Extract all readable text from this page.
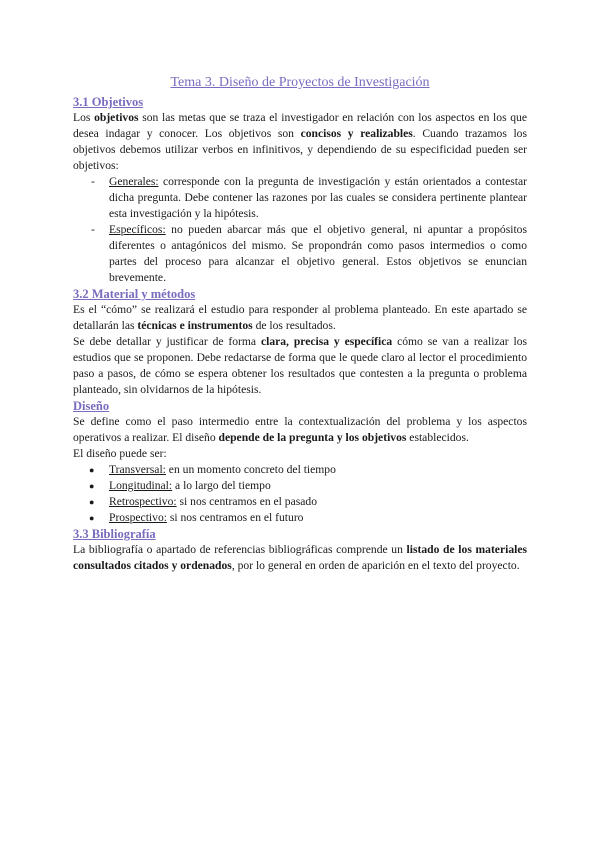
Tema 3. Diseño de Proyectos de Investigación
3.1 Objetivos

Los objetivos son las metas que se traza el investigador en relación con los aspectos en los que desea indagar y conocer. Los objetivos son concisos y realizables. Cuando trazamos los objetivos debemos utilizar verbos en infinitivos, y dependiendo de su especificidad pueden ser objetivos:

- Generales: corresponde con la pregunta de investigación y están orientados a contestar dicha pregunta. Debe contener las razones por las cuales se considera pertinente plantear esta investigación y la hipótesis.
- Específicos: no pueden abarcar más que el objetivo general, ni apuntar a propósitos diferentes o antagónicos del mismo. Se propondrán como pasos intermedios o como partes del proceso para alcanzar el objetivo general. Estos objetivos se enuncian brevemente.
3.2 Material y métodos

Es el “cómo” se realizará el estudio para responder al problema planteado. En este apartado se detallarán las técnicas e instrumentos de los resultados.

Se debe detallar y justificar de forma clara, precisa y específica cómo se van a realizar los estudios que se proponen. Debe redactarse de forma que le quede claro al lector el procedimiento paso a pasos, de cómo se espera obtener los resultados que contesten a la pregunta o problema planteado, sin olvidarnos de la hipótesis.

Diseño

Se define como el paso intermedio entre la contextualización del problema y los aspectos operativos a realizar. El diseño depende de la pregunta y los objetivos establecidos.

El diseño puede ser:

● Transversal: en un momento concreto del tiempo
● Longitudinal: a lo largo del tiempo
● Retrospectivo: si nos centramos en el pasado
● Prospectivo: si nos centramos en el futuro
3.3 Bibliografía

La bibliografía o apartado de referencias bibliográficas comprende un listado de los materiales consultados citados y ordenados, por lo general en orden de aparición en el texto del proyecto.
